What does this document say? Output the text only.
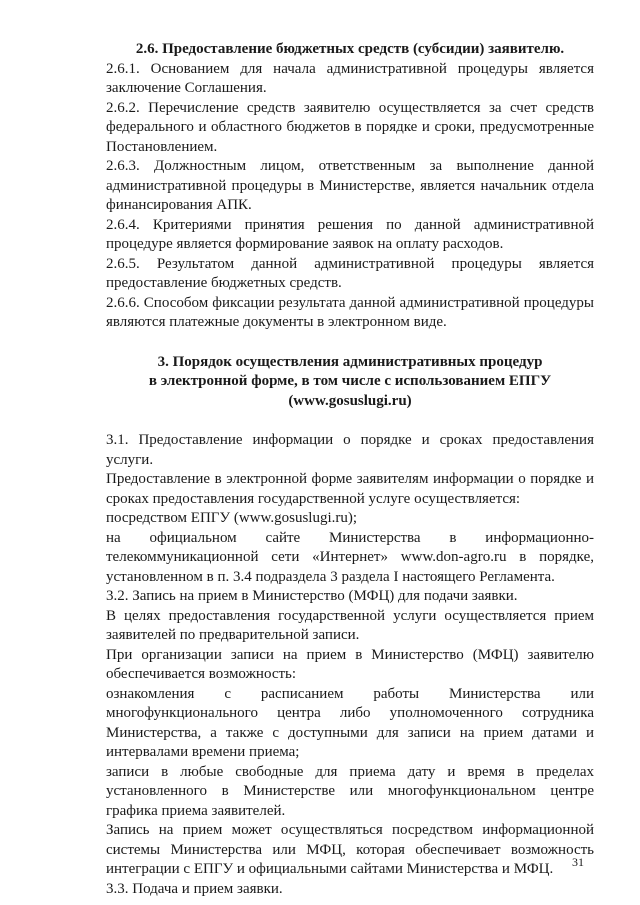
2.6. Предоставление бюджетных средств (субсидии) заявителю.

2.6.1. Основанием для начала административной процедуры является заключение Соглашения.

2.6.2. Перечисление средств заявителю осуществляется за счет средств федерального и областного бюджетов в порядке и сроки, предусмотренные Постановлением.

2.6.3. Должностным лицом, ответственным за выполнение данной административной процедуры в Министерстве, является начальник отдела финансирования АПК.

2.6.4. Критериями принятия решения по данной административной процедуре является формирование заявок на оплату расходов.

2.6.5. Результатом данной административной процедуры является предоставление бюджетных средств.

2.6.6. Способом фиксации результата данной административной процедуры являются платежные документы в электронном виде.

3. Порядок осуществления административных процедур

в электронной форме, в том числе с использованием ЕПГУ

(www.gosuslugi.ru)

3.1. Предоставление информации о порядке и сроках предоставления услуги.

Предоставление в электронной форме заявителям информации о порядке и сроках предоставления государственной услуге осуществляется:

посредством ЕПГУ (www.gosuslugi.ru);

на официальном сайте Министерства в информационно-телекоммуникационной сети «Интернет» www.don-agro.ru в порядке, установленном в п. 3.4 подраздела 3 раздела I настоящего Регламента.

3.2. Запись на прием в Министерство (МФЦ) для подачи заявки.

В целях предоставления государственной услуги осуществляется прием заявителей по предварительной записи.

При организации записи на прием в Министерство (МФЦ) заявителю обеспечивается возможность:

ознакомления с расписанием работы Министерства или многофункционального центра либо уполномоченного сотрудника Министерства, а также с доступными для записи на прием датами и интервалами времени приема;

записи в любые свободные для приема дату и время в пределах установленного в Министерстве или многофункциональном центре графика приема заявителей.

Запись на прием может осуществляться посредством информационной системы Министерства или МФЦ, которая обеспечивает возможность интеграции с ЕПГУ и официальными сайтами Министерства и МФЦ.

3.3. Подача и прием заявки.

31
